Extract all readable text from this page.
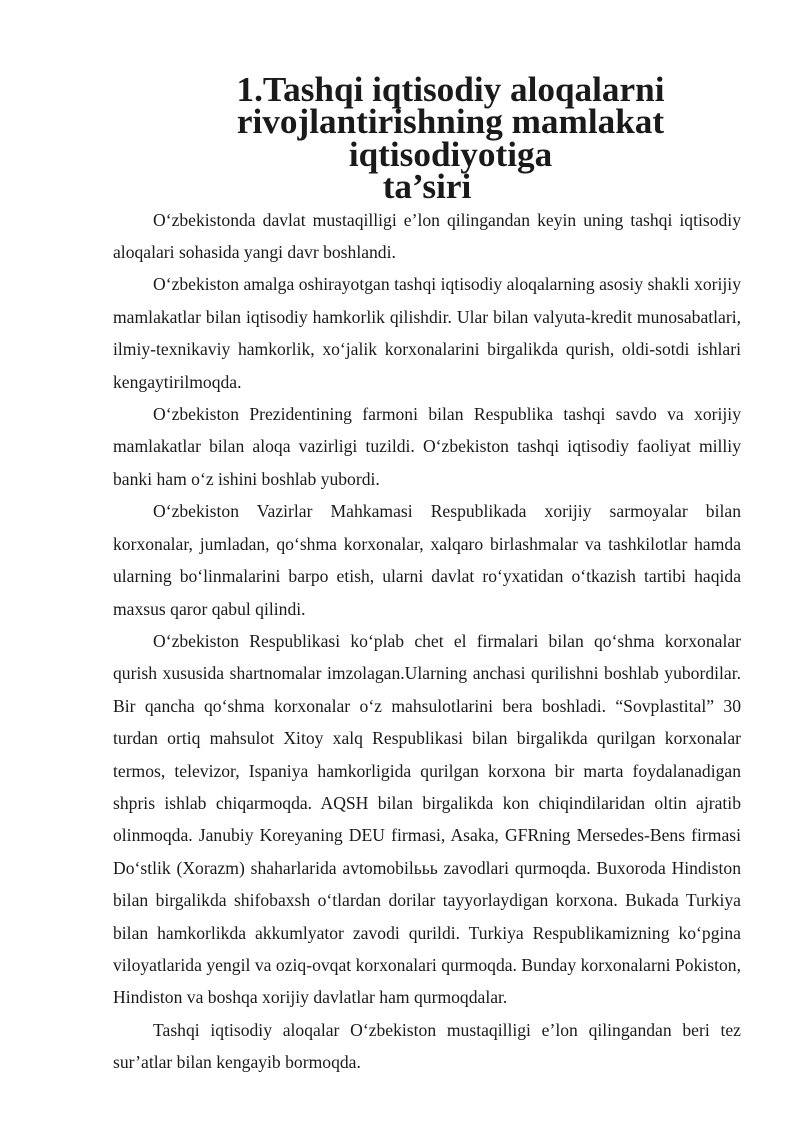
1.Tashqi iqtisodiy aloqalarni rivojlantirishning mamlakat iqtisodiyotiga
ta’siri

O‘zbekistonda davlat mustaqilligi e’lon qilingandan keyin uning tashqi iqtisodiy aloqalari sohasida yangi davr boshlandi.

O‘zbekiston amalga oshirayotgan tashqi iqtisodiy aloqalarning asosiy shakli xorijiy mamlakatlar bilan iqtisodiy hamkorlik qilishdir. Ular bilan valyuta-kredit munosabatlari, ilmiy-texnikaviy hamkorlik, xo‘jalik korxonalarini birgalikda qurish, oldi-sotdi ishlari kengaytirilmoqda.

O‘zbekiston Prezidentining farmoni bilan Respublika tashqi savdo va xorijiy mamlakatlar bilan aloqa vazirligi tuzildi. O‘zbekiston tashqi iqtisodiy faoliyat milliy banki ham o‘z ishini boshlab yubordi.

O‘zbekiston Vazirlar Mahkamasi Respublikada xorijiy sarmoyalar bilan korxonalar, jumladan, qo‘shma korxonalar, xalqaro birlashmalar va tashkilotlar hamda ularning bo‘linmalarini barpo etish, ularni davlat ro‘yxatidan o‘tkazish tartibi haqida maxsus qaror qabul qilindi.

O‘zbekiston Respublikasi ko‘plab chet el firmalari bilan qo‘shma korxonalar qurish xususida shartnomalar imzolagan.Ularning anchasi qurilishni boshlab yubordilar. Bir qancha qo‘shma korxonalar o‘z mahsulotlarini bera boshladi. “Sovplastital” 30 turdan ortiq mahsulot Xitoy xalq Respublikasi bilan birgalikda qurilgan korxonalar termos, televizor, Ispaniya hamkorligida qurilgan korxona bir marta foydalanadigan shpris ishlab chiqarmoqda. AQSH bilan birgalikda kon chiqindilaridan oltin ajratib olinmoqda. Janubiy Koreyaning DEU firmasi, Asaka, GFRning Mersedes-Bens firmasi Do‘stlik (Xorazm) shaharlarida avtomobilььь zavodlari qurmoqda. Buxoroda Hindiston bilan birgalikda shifobaxsh o‘tlardan dorilar tayyorlaydigan korxona. Bukada Turkiya bilan hamkorlikda akkumlyator zavodi qurildi. Turkiya Respublikamizning ko‘pgina viloyatlarida yengil va oziq-ovqat korxonalari qurmoqda. Bunday korxonalarni Pokiston, Hindiston va boshqa xorijiy davlatlar ham qurmoqdalar.

Tashqi iqtisodiy aloqalar O‘zbekiston mustaqilligi e’lon qilingandan beri tez sur’atlar bilan kengayib bormoqda.
